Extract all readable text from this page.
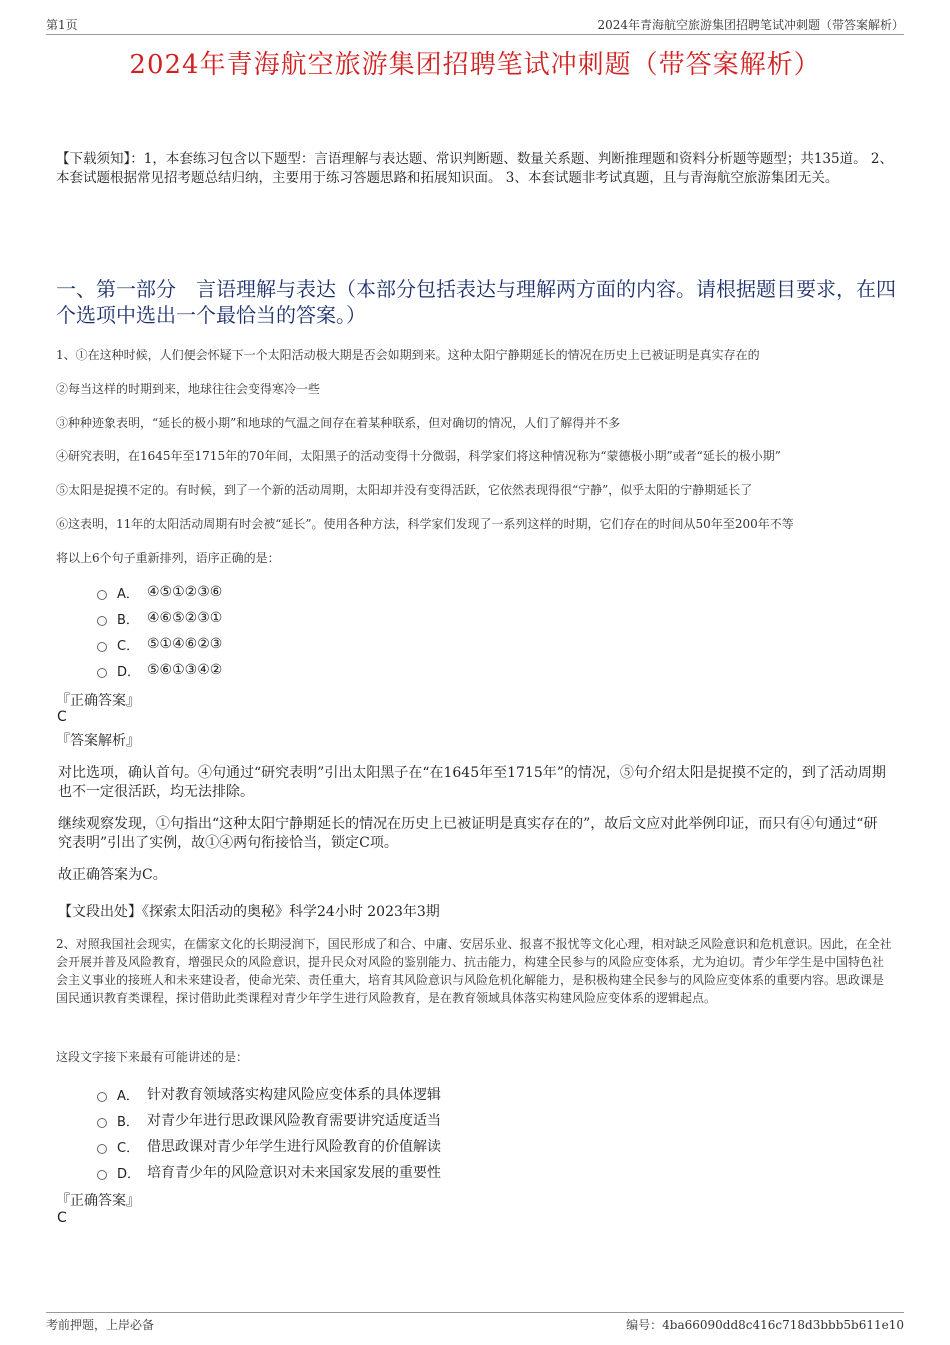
第1页	2024年青海航空旅游集团招聘笔试冲刺题（带答案解析）
2024年青海航空旅游集团招聘笔试冲刺题（带答案解析）
【下载须知】：1，本套练习包含以下题型：言语理解与表达题、常识判断题、数量关系题、判断推理题和资料分析题等题型；共135道。 2、本套试题根据常见招考题总结归纳，主要用于练习答题思路和拓展知识面。 3、本套试题非考试真题，且与青海航空旅游集团无关。
一、第一部分　言语理解与表达（本部分包括表达与理解两方面的内容。请根据题目要求，在四个选项中选出一个最恰当的答案。）
1、①在这种时候，人们便会怀疑下一个太阳活动极大期是否会如期到来。这种太阳宁静期延长的情况在历史上已被证明是真实存在的
②每当这样的时期到来，地球往往会变得寒冷一些
③种种迹象表明，“延长的极小期”和地球的气温之间存在着某种联系，但对确切的情况，人们了解得并不多
④研究表明，在1645年至1715年的70年间，太阳黑子的活动变得十分微弱，科学家们将这种情况称为“蒙德极小期”或者“延长的极小期”
⑤太阳是捉摸不定的。有时候，到了一个新的活动周期，太阳却并没有变得活跃，它依然表现得很“宁静”，似乎太阳的宁静期延长了
⑥这表明，11年的太阳活动周期有时会被“延长”。使用各种方法，科学家们发现了一系列这样的时期，它们存在的时间从50年至200年不等
将以上6个句子重新排列，语序正确的是：
A． ④⑤①②③⑥
B． ④⑥⑤②③①
C． ⑤①④⑥②③
D． ⑤⑥①③④②
『正确答案』
C
『答案解析』
对比选项，确认首句。④句通过“研究表明”引出太阳黑子在“在1645年至1715年”的情况，⑤句介绍太阳是捉摸不定的，到了活动周期也不一定很活跃，均无法排除。
继续观察发现，①句指出“这种太阳宁静期延长的情况在历史上已被证明是真实存在的”，故后文应对此举例印证，而只有④句通过“研究表明”引出了实例，故①④两句衔接恰当，锁定C项。
故正确答案为C。
【文段出处】《探索太阳活动的奥秘》科学24小时 2023年3期
2、对照我国社会现实，在儒家文化的长期浸润下，国民形成了和合、中庸、安居乐业、报喜不报忧等文化心理，相对缺乏风险意识和危机意识。因此，在全社会开展并普及风险教育，增强民众的风险意识，提升民众对风险的鉴别能力、抗击能力，构建全民参与的风险应变体系，尤为迫切。青少年学生是中国特色社会主义事业的接班人和未来建设者，使命光荣、责任重大，培育其风险意识与风险危机化解能力，是积极构建全民参与的风险应变体系的重要内容。思政课是国民通识教育类课程，探讨借助此类课程对青少年学生进行风险教育，是在教育领域具体落实构建风险应变体系的逻辑起点。
这段文字接下来最有可能讲述的是：
A． 针对教育领域落实构建风险应变体系的具体逻辑
B． 对青少年进行思政课风险教育需要讲究适度适当
C． 借思政课对青少年学生进行风险教育的价值解读
D． 培育青少年的风险意识对未来国家发展的重要性
『正确答案』
C
考前押题，上岸必备	编号：4ba66090dd8c416c718d3bbb5b611e10
